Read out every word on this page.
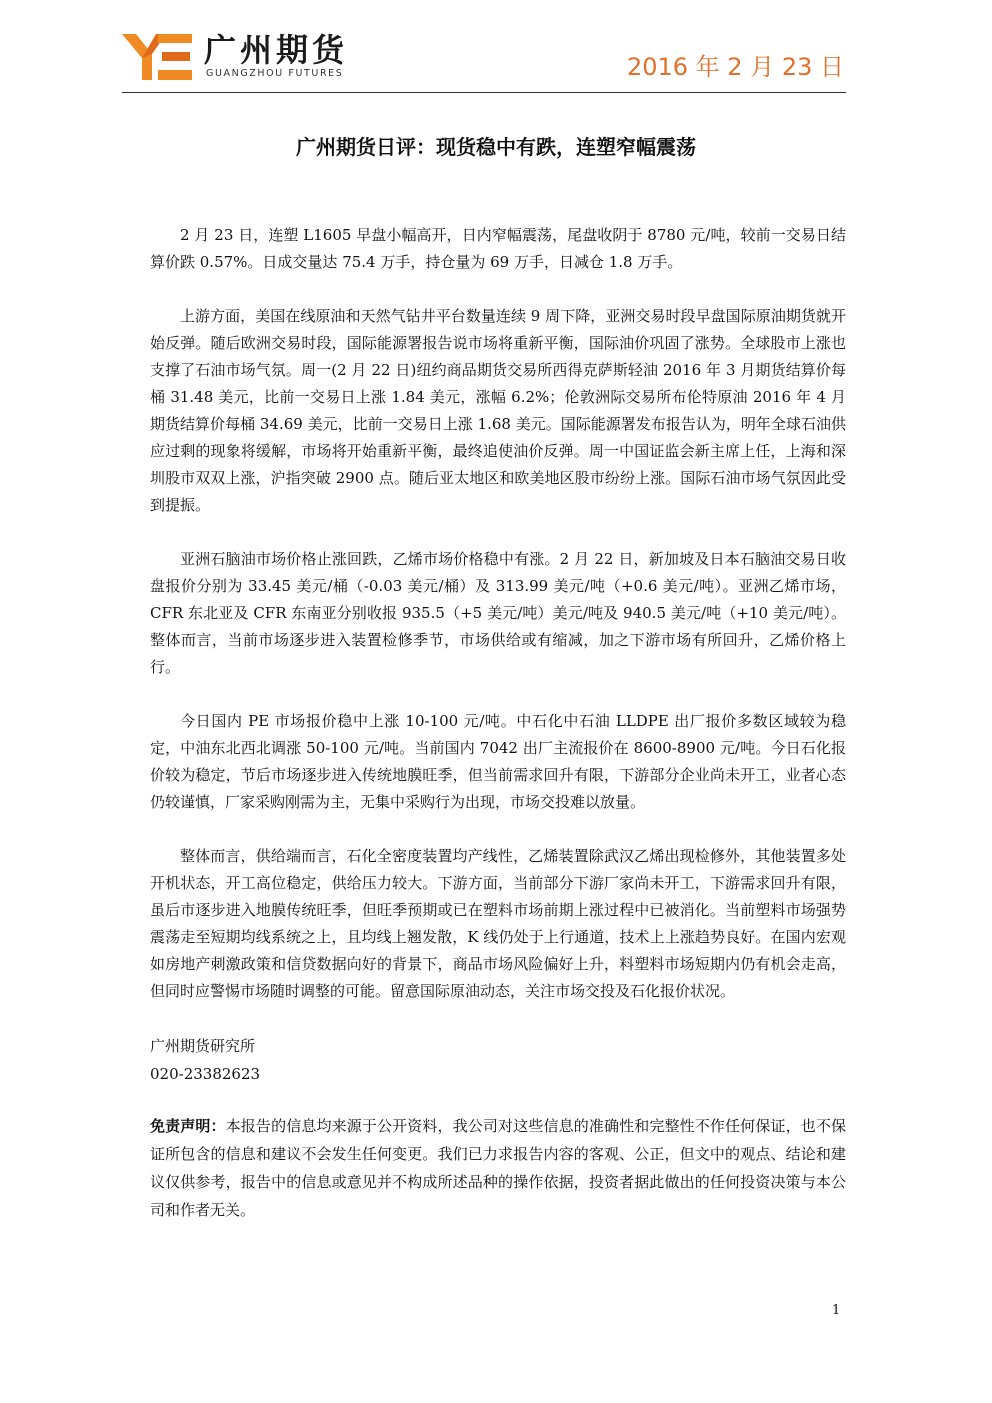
广州期货
GUANGZHOU FUTURES	2016 年 2 月 23 日
广州期货日评：现货稳中有跌，连塑窄幅震荡

2 月 23 日，连塑 L1605 早盘小幅高开，日内窄幅震荡，尾盘收阴于 8780 元/吨，较前一交易日结算价跌 0.57%。日成交量达 75.4 万手，持仓量为 69 万手，日减仓 1.8 万手。

上游方面，美国在线原油和天然气钻井平台数量连续 9 周下降，亚洲交易时段早盘国际原油期货就开始反弹。随后欧洲交易时段，国际能源署报告说市场将重新平衡，国际油价巩固了涨势。全球股市上涨也支撑了石油市场气氛。周一(2 月 22 日)纽约商品期货交易所西得克萨斯轻油 2016 年 3 月期货结算价每桶 31.48 美元，比前一交易日上涨 1.84 美元，涨幅 6.2%；伦敦洲际交易所布伦特原油 2016 年 4 月期货结算价每桶 34.69 美元，比前一交易日上涨 1.68 美元。国际能源署发布报告认为，明年全球石油供应过剩的现象将缓解，市场将开始重新平衡，最终追使油价反弹。周一中国证监会新主席上任，上海和深圳股市双双上涨，沪指突破 2900 点。随后亚太地区和欧美地区股市纷纷上涨。国际石油市场气氛因此受到提振。

亚洲石脑油市场价格止涨回跌，乙烯市场价格稳中有涨。2 月 22 日，新加坡及日本石脑油交易日收盘报价分别为 33.45 美元/桶（-0.03 美元/桶）及 313.99 美元/吨（+0.6 美元/吨）。亚洲乙烯市场，CFR 东北亚及 CFR 东南亚分别收报 935.5（+5 美元/吨）美元/吨及 940.5 美元/吨（+10 美元/吨）。整体而言，当前市场逐步进入装置检修季节，市场供给或有缩减，加之下游市场有所回升，乙烯价格上行。

今日国内 PE 市场报价稳中上涨 10-100 元/吨。中石化中石油 LLDPE 出厂报价多数区域较为稳定，中油东北西北调涨 50-100 元/吨。当前国内 7042 出厂主流报价在 8600-8900 元/吨。今日石化报价较为稳定，节后市场逐步进入传统地膜旺季，但当前需求回升有限，下游部分企业尚未开工，业者心态仍较谨慎，厂家采购刚需为主，无集中采购行为出现，市场交投难以放量。

整体而言，供给端而言，石化全密度装置均产线性，乙烯装置除武汉乙烯出现检修外，其他装置多处开机状态，开工高位稳定，供给压力较大。下游方面，当前部分下游厂家尚未开工，下游需求回升有限，虽后市逐步进入地膜传统旺季，但旺季预期或已在塑料市场前期上涨过程中已被消化。当前塑料市场强势震荡走至短期均线系统之上，且均线上翘发散，K 线仍处于上行通道，技术上上涨趋势良好。在国内宏观如房地产刺激政策和信贷数据向好的背景下，商品市场风险偏好上升，料塑料市场短期内仍有机会走高，但同时应警惕市场随时调整的可能。留意国际原油动态，关注市场交投及石化报价状况。

广州期货研究所

020-23382623

免责声明：本报告的信息均来源于公开资料，我公司对这些信息的准确性和完整性不作任何保证，也不保证所包含的信息和建议不会发生任何变更。我们已力求报告内容的客观、公正，但文中的观点、结论和建议仅供参考，报告中的信息或意见并不构成所述品种的操作依据，投资者据此做出的任何投资决策与本公司和作者无关。

1
